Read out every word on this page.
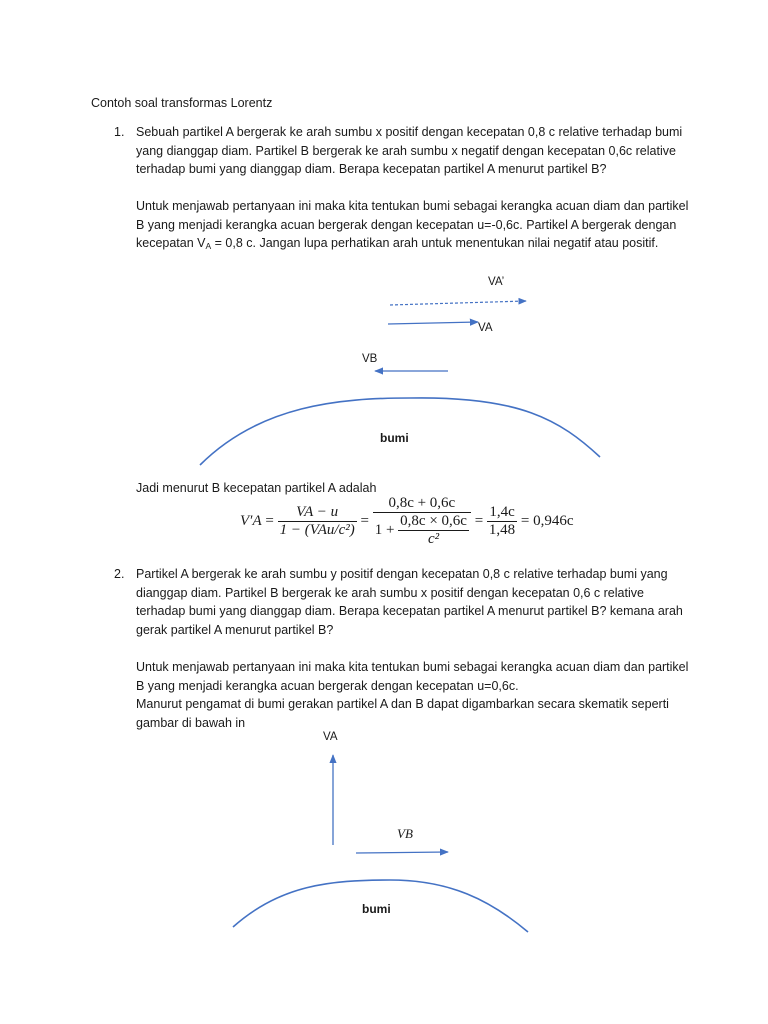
Contoh soal transformas Lorentz
1. Sebuah partikel A bergerak ke arah sumbu x positif dengan kecepatan 0,8 c relative terhadap bumi yang dianggap diam. Partikel B bergerak ke arah sumbu x negatif dengan kecepatan 0,6c relative terhadap bumi yang dianggap diam. Berapa kecepatan partikel A menurut partikel B?
Untuk menjawab pertanyaan ini maka kita tentukan bumi sebagai kerangka acuan diam dan partikel B yang menjadi kerangka acuan bergerak dengan kecepatan u=-0,6c. Partikel A bergerak dengan kecepatan $V_A = 0,8$ c. Jangan lupa perhatikan arah untuk menentukan nilai negatif atau positif.
VA’
VA
VB
bumi
Jadi menurut B kecepatan partikel A adalah
$V'A = \frac{VA - u}{\text{1 − (VAu/c²)}} = \frac{0,8c + 0,6c}{1 + \frac{0,8c \times 0,6c}{\text{c²}}} = \frac{1,4c}{1,48} = 0,946c$
2. Partikel A bergerak ke arah sumbu y positif dengan kecepatan 0,8 c relative terhadap bumi yang dianggap diam. Partikel B bergerak ke arah sumbu x positif dengan kecepatan 0,6 c relative terhadap bumi yang dianggap diam. Berapa kecepatan partikel A menurut partikel B? kemana arah gerak partikel A menurut partikel B?
Untuk menjawab pertanyaan ini maka kita tentukan bumi sebagai kerangka acuan diam dan partikel B yang menjadi kerangka acuan bergerak dengan kecepatan u=0,6c.
Manurut pengamat di bumi gerakan partikel A dan B dapat digambarkan secara skematik seperti gambar di bawah in
VA
VB
bumi
